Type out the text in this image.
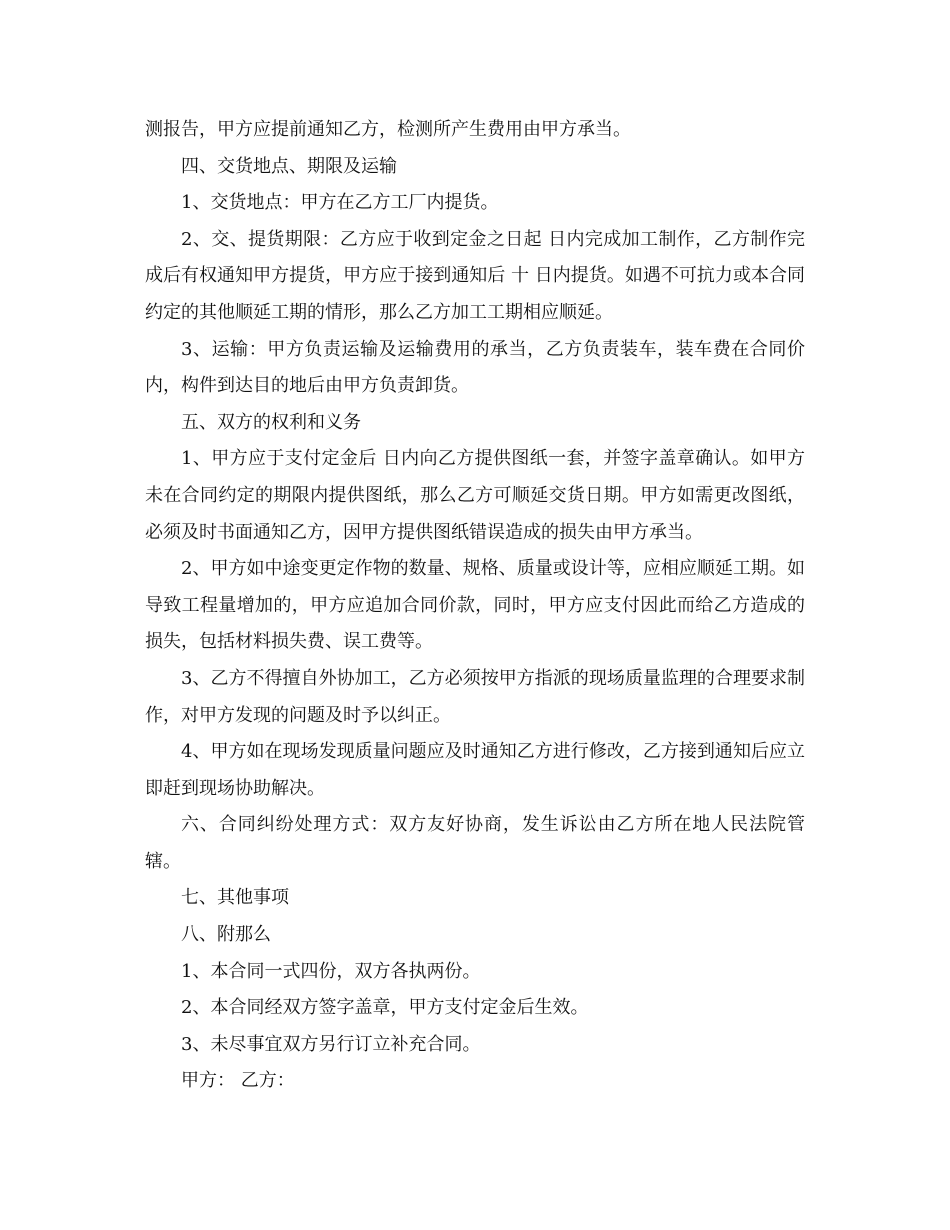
测报告，甲方应提前通知乙方，检测所产生费用由甲方承当。

四、交货地点、期限及运输

1、交货地点：甲方在乙方工厂内提货。

2、交、提货期限：乙方应于收到定金之日起 日内完成加工制作，乙方制作完成后有权通知甲方提货，甲方应于接到通知后 十 日内提货。如遇不可抗力或本合同约定的其他顺延工期的情形，那么乙方加工工期相应顺延。

3、运输：甲方负责运输及运输费用的承当，乙方负责装车，装车费在合同价内，构件到达目的地后由甲方负责卸货。

五、双方的权利和义务

1、甲方应于支付定金后 日内向乙方提供图纸一套，并签字盖章确认。如甲方未在合同约定的期限内提供图纸，那么乙方可顺延交货日期。甲方如需更改图纸，必须及时书面通知乙方，因甲方提供图纸错误造成的损失由甲方承当。

2、甲方如中途变更定作物的数量、规格、质量或设计等，应相应顺延工期。如导致工程量增加的，甲方应追加合同价款，同时，甲方应支付因此而给乙方造成的损失，包括材料损失费、误工费等。

3、乙方不得擅自外协加工，乙方必须按甲方指派的现场质量监理的合理要求制作，对甲方发现的问题及时予以纠正。

4、甲方如在现场发现质量问题应及时通知乙方进行修改，乙方接到通知后应立即赶到现场协助解决。

六、合同纠纷处理方式：双方友好协商，发生诉讼由乙方所在地人民法院管辖。

七、其他事项

八、附那么

1、本合同一式四份，双方各执两份。

2、本合同经双方签字盖章，甲方支付定金后生效。

3、未尽事宜双方另行订立补充合同。

甲方： 乙方：
